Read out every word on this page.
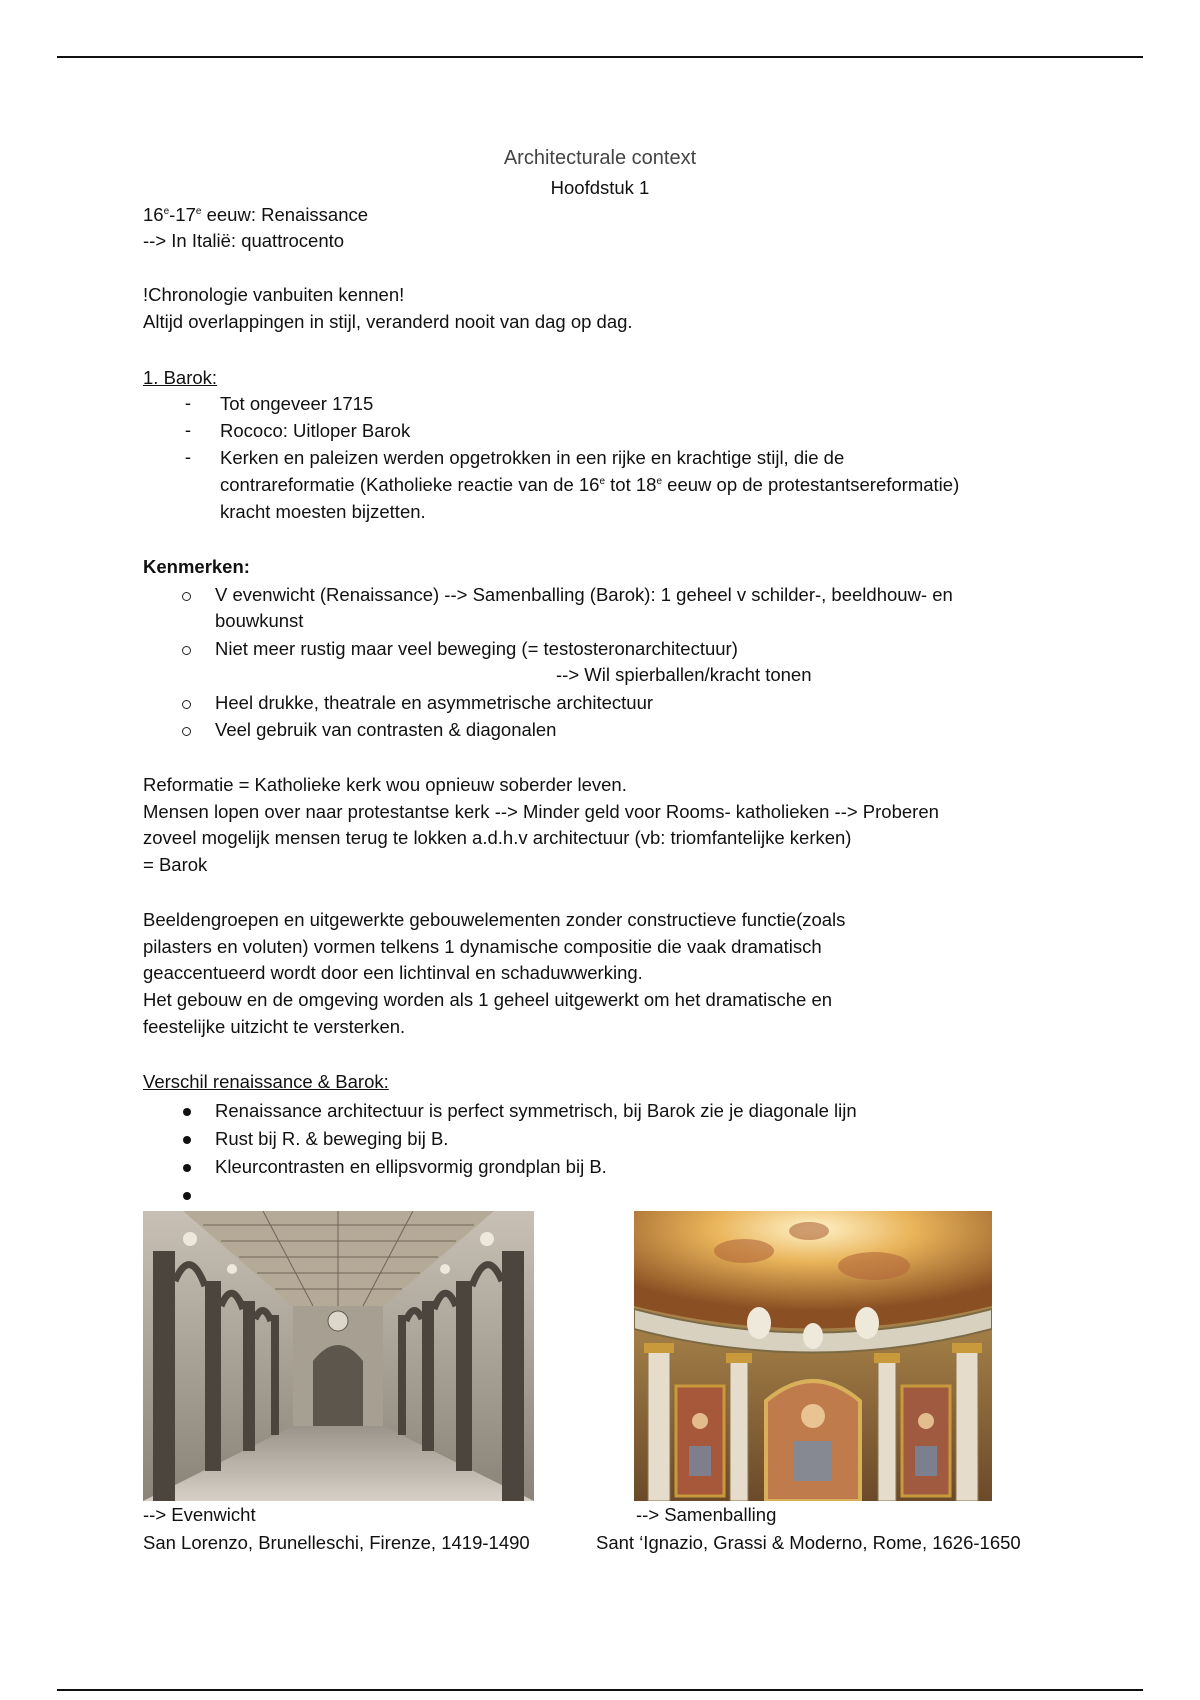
Architecturale context
Hoofdstuk 1
16e-17e eeuw: Renaissance
--> In Italië: quattrocento
!Chronologie vanbuiten kennen!
Altijd overlappingen in stijl, veranderd nooit van dag op dag.
1. Barok:
- Tot ongeveer 1715
- Rococo: Uitloper Barok
- Kerken en paleizen werden opgetrokken in een rijke en krachtige stijl, die de
contrareformatie (Katholieke reactie van de 16e tot 18e eeuw op de protestantsereformatie)
kracht moesten bijzetten.
Kenmerken:
V evenwicht (Renaissance) --> Samenballing (Barok): 1 geheel v schilder-, beeldhouw- en
bouwkunst
Niet meer rustig maar veel beweging (= testosteronarchitectuur)
--> Wil spierballen/kracht tonen
Heel drukke, theatrale en asymmetrische architectuur
Veel gebruik van contrasten & diagonalen
Reformatie = Katholieke kerk wou opnieuw soberder leven.
Mensen lopen over naar protestantse kerk --> Minder geld voor Rooms- katholieken --> Proberen
zoveel mogelijk mensen terug te lokken a.d.h.v architectuur (vb: triomfantelijke kerken)
= Barok
Beeldengroepen en uitgewerkte gebouwelementen zonder constructieve functie(zoals
pilasters en voluten) vormen telkens 1 dynamische compositie die vaak dramatisch
geaccentueerd wordt door een lichtinval en schaduwwerking.
Het gebouw en de omgeving worden als 1 geheel uitgewerkt om het dramatische en
feestelijke uitzicht te versterken.
Verschil renaissance & Barok:
Renaissance architectuur is perfect symmetrisch, bij Barok zie je diagonale lijn
Rust bij R. & beweging bij B.
Kleurcontrasten en ellipsvormig grondplan bij B.
--> Evenwicht
San Lorenzo, Brunelleschi, Firenze, 1419-1490
--> Samenballing
Sant ‘Ignazio, Grassi & Moderno, Rome, 1626-1650
